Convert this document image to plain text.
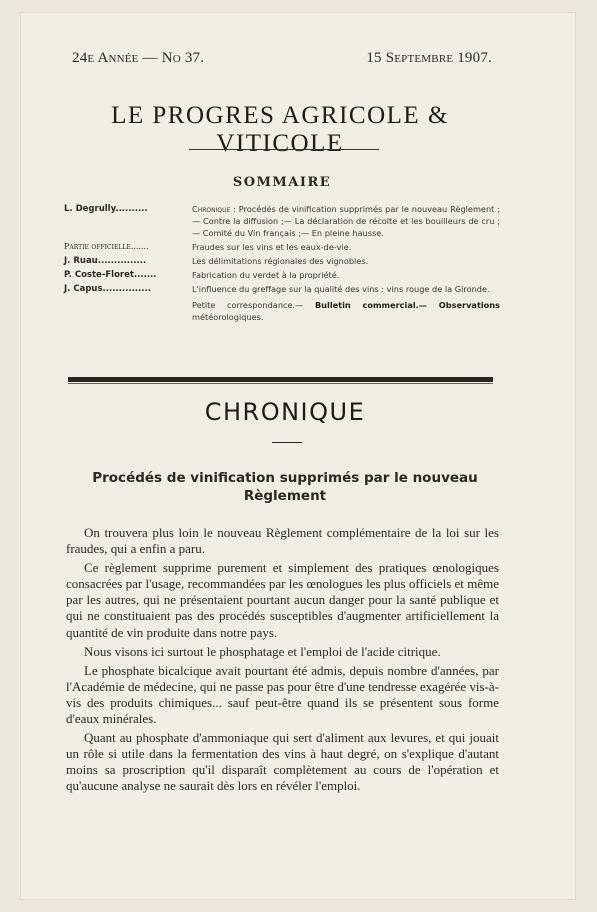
24e Année — No 37.	15 Septembre 1907.
LE PROGRES AGRICOLE & VITICOLE
SOMMAIRE
L. Degrully..........	Chronique : Procédés de vinification supprimés par le nouveau Règlement ;— Contre la diffusion ;— La déclaration de récolte et les bouilleurs de cru ;— Comité du Vin français ;— En pleine hausse.
Partie officielle.......	Fraudes sur les vins et les eaux-de-vie.
J. Ruau...............	Les délimitations régionales des vignobles.
P. Coste-Floret.......	Fabrication du verdet à la propriété.
J. Capus...............	L'influence du greffage sur la qualité des vins : vins rouge de la Gironde.
Petite correspondance.— Bulletin commercial.— Observations météorologiques.
CHRONIQUE
Procédés de vinification supprimés par le nouveau
Règlement

On trouvera plus loin le nouveau Règlement complémentaire de la loi sur les fraudes, qui a enfin a paru.

Ce règlement supprime purement et simplement des pratiques œnologiques consacrées par l'usage, recommandées par les œnologues les plus officiels et même par les autres, qui ne présentaient pourtant aucun danger pour la santé publique et qui ne constituaient pas des procédés susceptibles d'augmenter artificiellement la quantité de vin produite dans notre pays.

Nous visons ici surtout le phosphatage et l'emploi de l'acide citrique.

Le phosphate bicalcique avait pourtant été admis, depuis nombre d'années, par l'Académie de médecine, qui ne passe pas pour être d'une tendresse exagérée vis-à-vis des produits chimiques... sauf peut-être quand ils se présentent sous forme d'eaux minérales.

Quant au phosphate d'ammoniaque qui sert d'aliment aux levures, et qui jouait un rôle si utile dans la fermentation des vins à haut degré, on s'explique d'autant moins sa proscription qu'il disparaît complètement au cours de l'opération et qu'aucune analyse ne saurait dès lors en révéler l'emploi.
